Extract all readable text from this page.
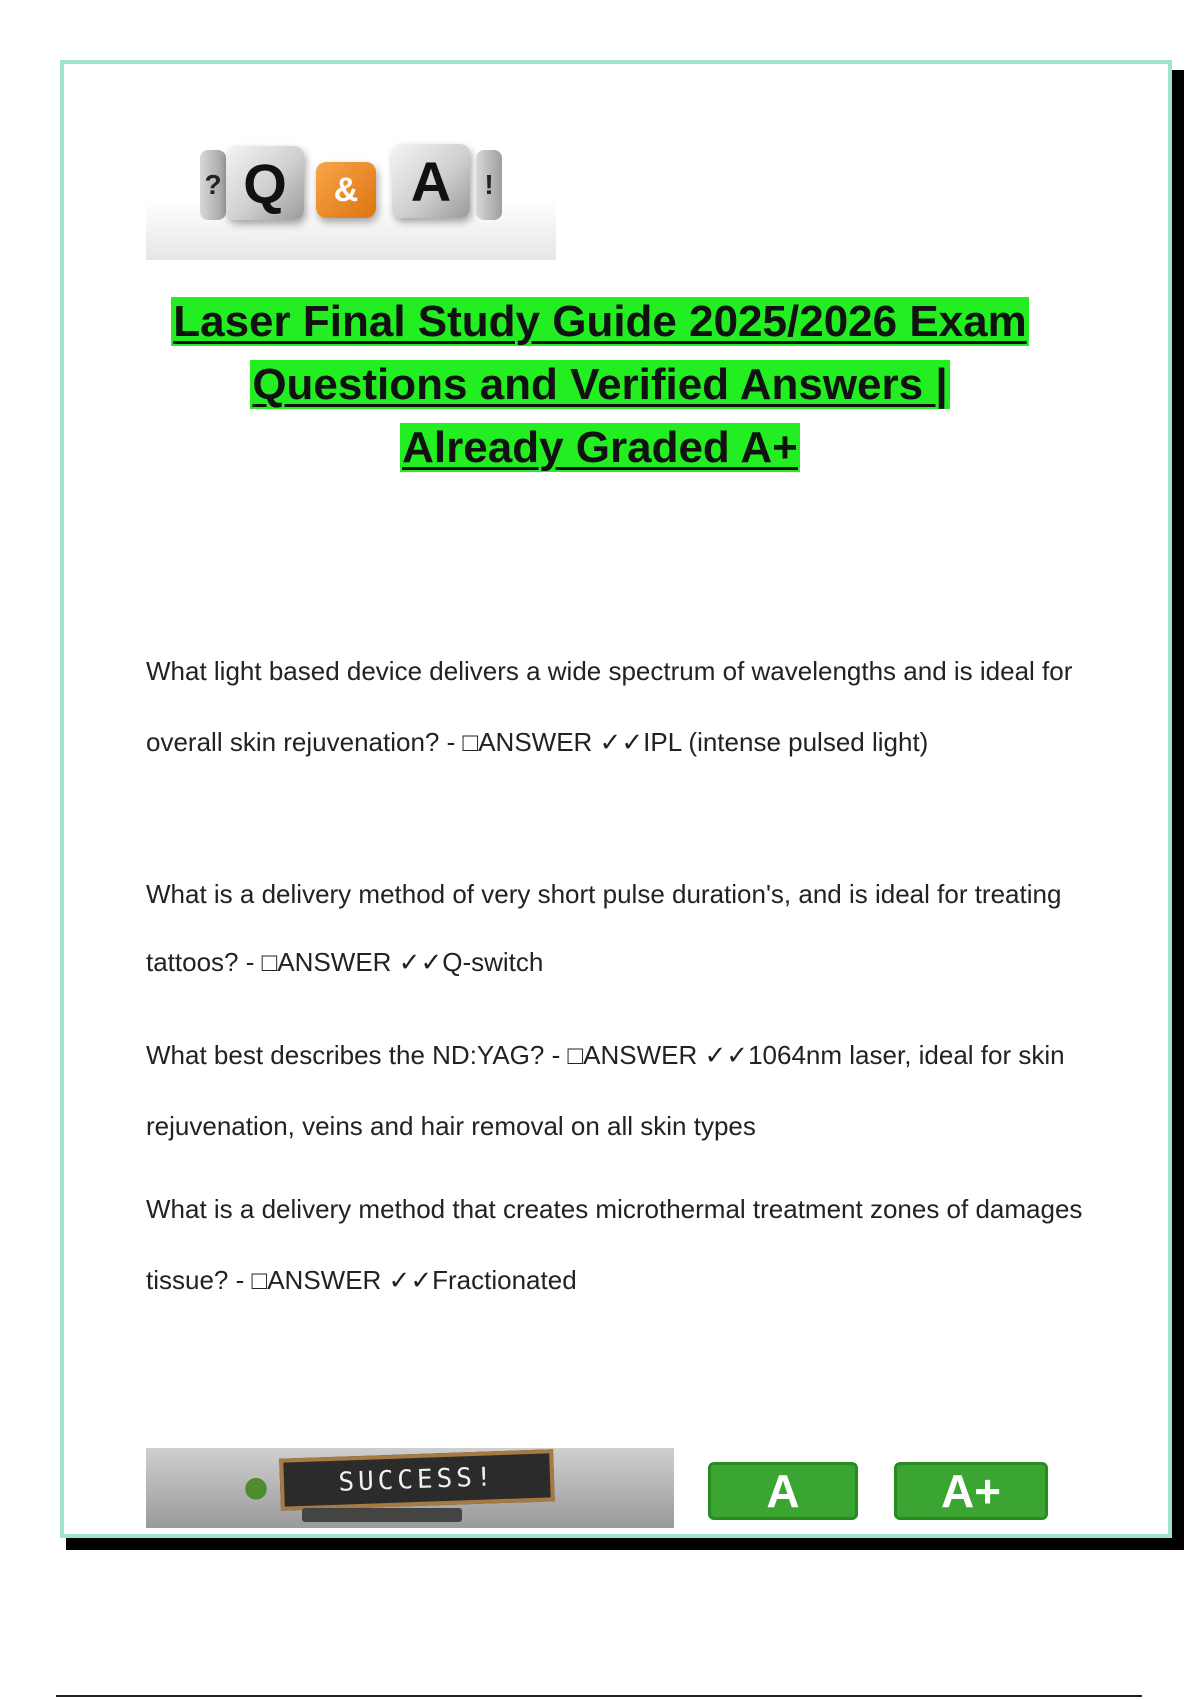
? Q	& A	!
Laser Final Study Guide 2025/2026 Exam
Questions and Verified Answers |
Already Graded A+

What light based device delivers a wide spectrum of wavelengths and is ideal for overall skin rejuvenation? - □ANSWER ✓✓IPL (intense pulsed light)

What is a delivery method of very short pulse duration's, and is ideal for treating tattoos? - □ANSWER ✓✓Q-switch

What best describes the ND:YAG? - □ANSWER ✓✓1064nm laser, ideal for skin rejuvenation, veins and hair removal on all skin types

What is a delivery method that creates microthermal treatment zones of damages tissue? - □ANSWER ✓✓Fractionated

SUCCESS!	A	A+
